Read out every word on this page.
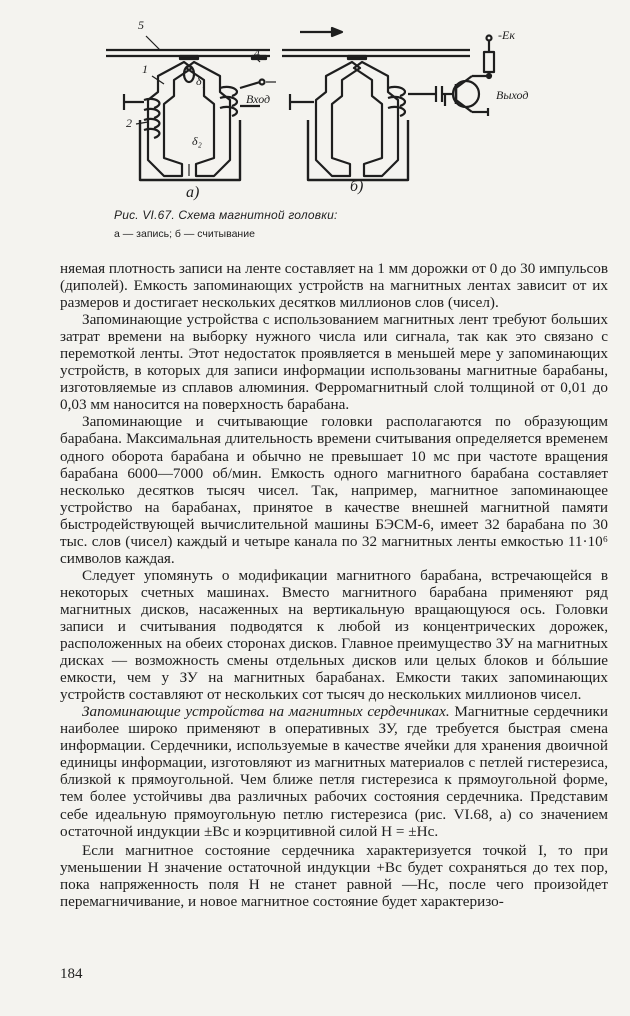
5
1
2
4
δ₁
δ₂
Вход	Выход
-Eк
а)	б)
Рис. VI.67. Схема магнитной головки:
а — запись; б — считывание

няемая плотность записи на ленте составляет на 1 мм дорожки от 0 до 30 импульсов (диполей). Емкость запоминающих устройств на магнитных лентах зависит от их размеров и достигает нескольких десятков миллионов слов (чисел).

Запоминающие устройства с использованием магнитных лент требуют больших затрат времени на выборку нужного числа или сигнала, так как это связано с перемоткой ленты. Этот недостаток проявляется в меньшей мере у запоминающих устройств, в которых для записи информации использованы магнитные барабаны, изготовляемые из сплавов алюминия. Ферромагнитный слой толщиной от 0,01 до 0,03 мм наносится на поверхность барабана.

Запоминающие и считывающие головки располагаются по образующим барабана. Максимальная длительность времени считывания определяется временем одного оборота барабана и обычно не превышает 10 мс при частоте вращения барабана 6000—7000 об/мин. Емкость одного магнитного барабана составляет несколько десятков тысяч чисел. Так, например, магнитное запоминающее устройство на барабанах, принятое в качестве внешней магнитной памяти быстродействующей вычислительной машины БЭСМ-6, имеет 32 барабана по 30 тыс. слов (чисел) каждый и четыре канала по 32 магнитных ленты емкостью 11·10⁶ символов каждая.

Следует упомянуть о модификации магнитного барабана, встречающейся в некоторых счетных машинах. Вместо магнитного барабана применяют ряд магнитных дисков, насаженных на вертикальную вращающуюся ось. Головки записи и считывания подводятся к любой из концентрических дорожек, расположенных на обеих сторонах дисков. Главное преимущество ЗУ на магнитных дисках — возможность смены отдельных дисков или целых блоков и бóльшие емкости, чем у ЗУ на магнитных барабанах. Емкости таких запоминающих устройств составляют от нескольких сот тысяч до нескольких миллионов чисел.

Запоминающие устройства на магнитных сердечниках. Магнитные сердечники наиболее широко применяют в оперативных ЗУ, где требуется быстрая смена информации. Сердечники, используемые в качестве ячейки для хранения двоичной единицы информации, изготовляют из магнитных материалов с петлей гистерезиса, близкой к прямоугольной. Чем ближе петля гистерезиса к прямоугольной форме, тем более устойчивы два различных рабочих состояния сердечника. Представим себе идеальную прямоугольную петлю гистерезиса (рис. VI.68, а) со значением остаточной индукции ±Bc и коэрцитивной силой H = ±Hc.

Если магнитное состояние сердечника характеризуется точкой I, то при уменьшении H значение остаточной индукции +Bc будет сохраняться до тех пор, пока напряженность поля H не станет равной —Hc, после чего произойдет перемагничивание, и новое магнитное состояние будет характеризо-

184
